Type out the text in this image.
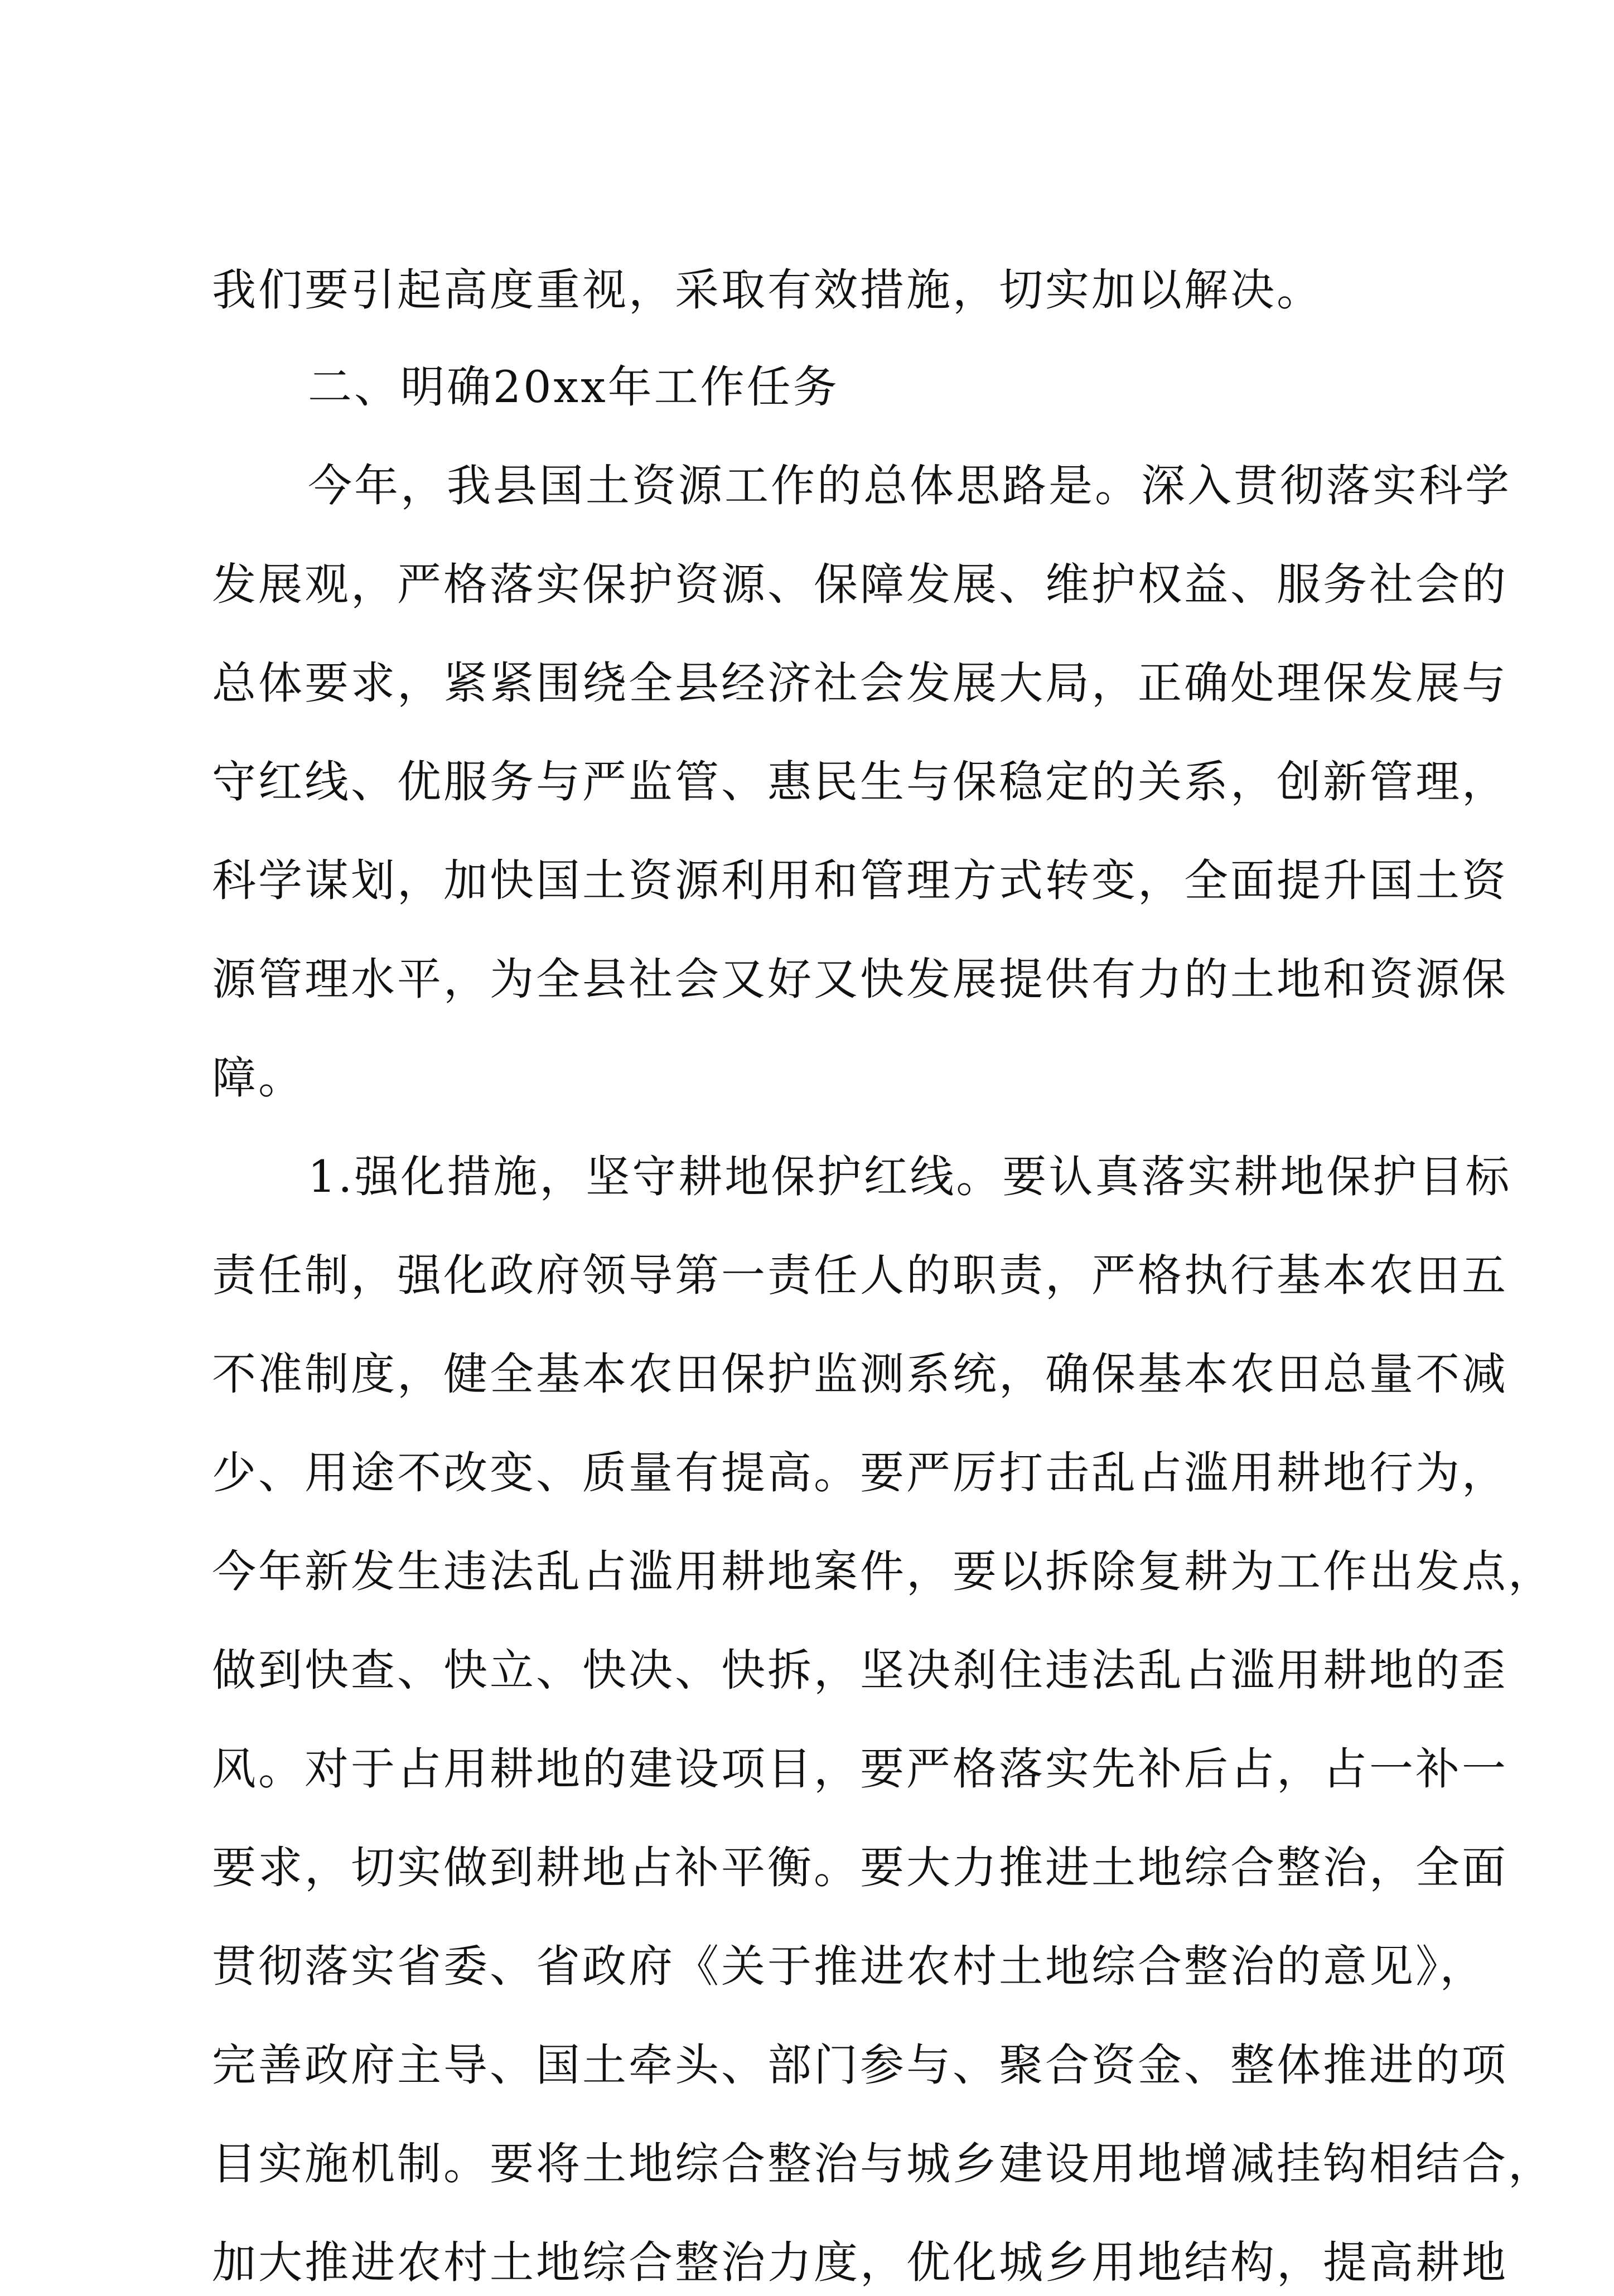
我们要引起高度重视，采取有效措施，切实加以解决。
二、明确20xx年工作任务
今年，我县国土资源工作的总体思路是。深入贯彻落实科学
发展观，严格落实保护资源、保障发展、维护权益、服务社会的
总体要求，紧紧围绕全县经济社会发展大局，正确处理保发展与
守红线、优服务与严监管、惠民生与保稳定的关系，创新管理，
科学谋划，加快国土资源利用和管理方式转变，全面提升国土资
源管理水平，为全县社会又好又快发展提供有力的土地和资源保
障。
1.强化措施，坚守耕地保护红线。要认真落实耕地保护目标
责任制，强化政府领导第一责任人的职责，严格执行基本农田五
不准制度，健全基本农田保护监测系统，确保基本农田总量不减
少、用途不改变、质量有提高。要严厉打击乱占滥用耕地行为，
今年新发生违法乱占滥用耕地案件，要以拆除复耕为工作出发点，
做到快查、快立、快决、快拆，坚决刹住违法乱占滥用耕地的歪
风。对于占用耕地的建设项目，要严格落实先补后占，占一补一
要求，切实做到耕地占补平衡。要大力推进土地综合整治，全面
贯彻落实省委、省政府《关于推进农村土地综合整治的意见》，
完善政府主导、国土牵头、部门参与、聚合资金、整体推进的项
目实施机制。要将土地综合整治与城乡建设用地增减挂钩相结合，
加大推进农村土地综合整治力度，优化城乡用地结构，提高耕地
